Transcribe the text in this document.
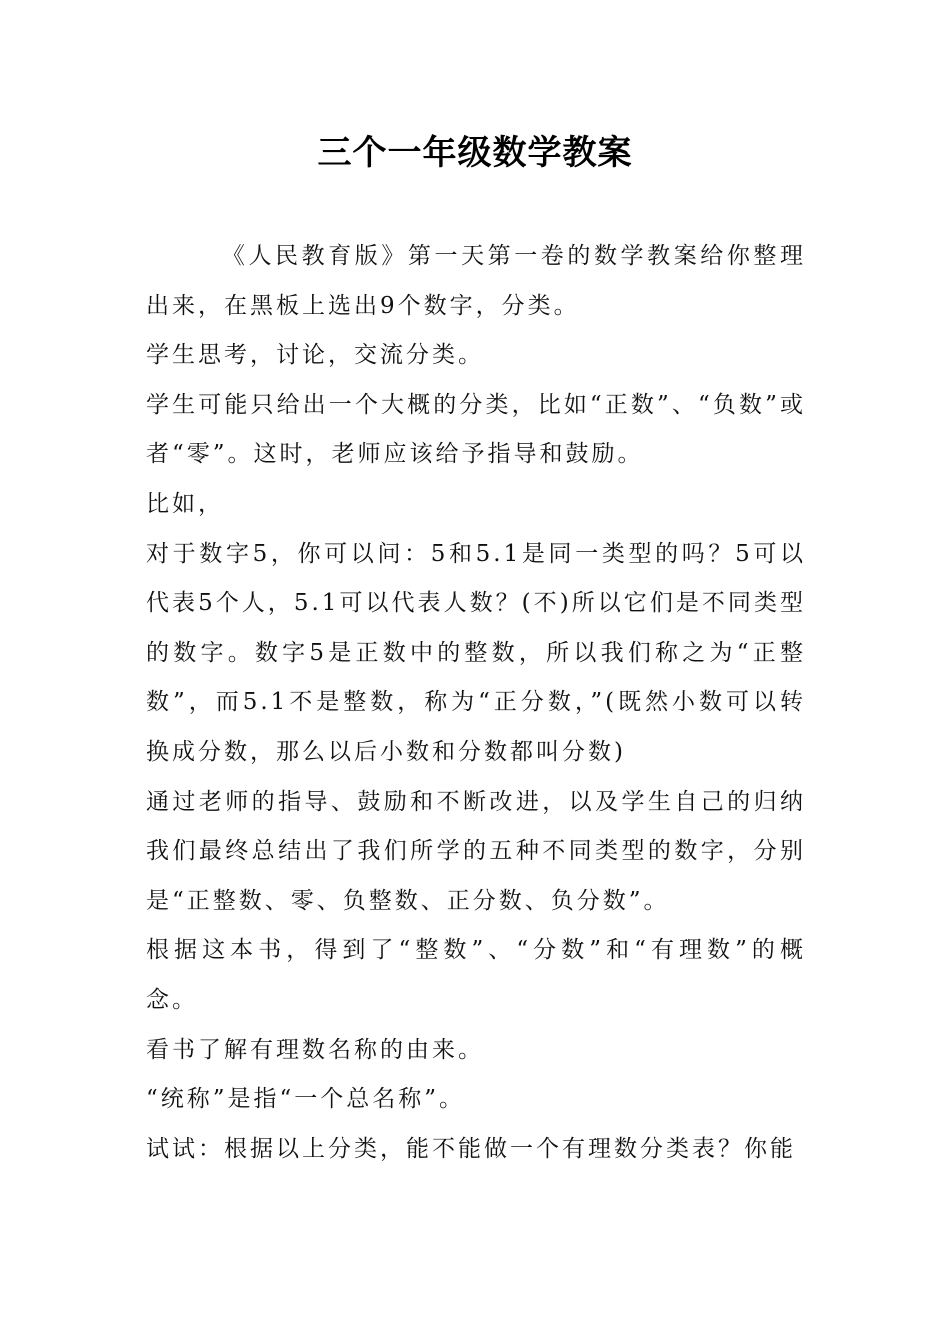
三个一年级数学教案

《人民教育版》第一天第一卷的数学教案给你整理出来，在黑板上选出9个数字，分类。

学生思考，讨论，交流分类。

学生可能只给出一个大概的分类，比如“正数”、“负数”或者“零”。这时，老师应该给予指导和鼓励。

比如，

对于数字5，你可以问：5和5.1是同一类型的吗？5可以代表5个人，5.1可以代表人数？(不)所以它们是不同类型的数字。数字5是正数中的整数，所以我们称之为“正整数”，而5.1不是整数，称为“正分数，”(既然小数可以转换成分数，那么以后小数和分数都叫分数)

通过老师的指导、鼓励和不断改进，以及学生自己的归纳我们最终总结出了我们所学的五种不同类型的数字，分别是“正整数、零、负整数、正分数、负分数”。

根据这本书，得到了“整数”、“分数”和“有理数”的概念。

看书了解有理数名称的由来。

“统称”是指“一个总名称”。

试试：根据以上分类，能不能做一个有理数分类表？你能
